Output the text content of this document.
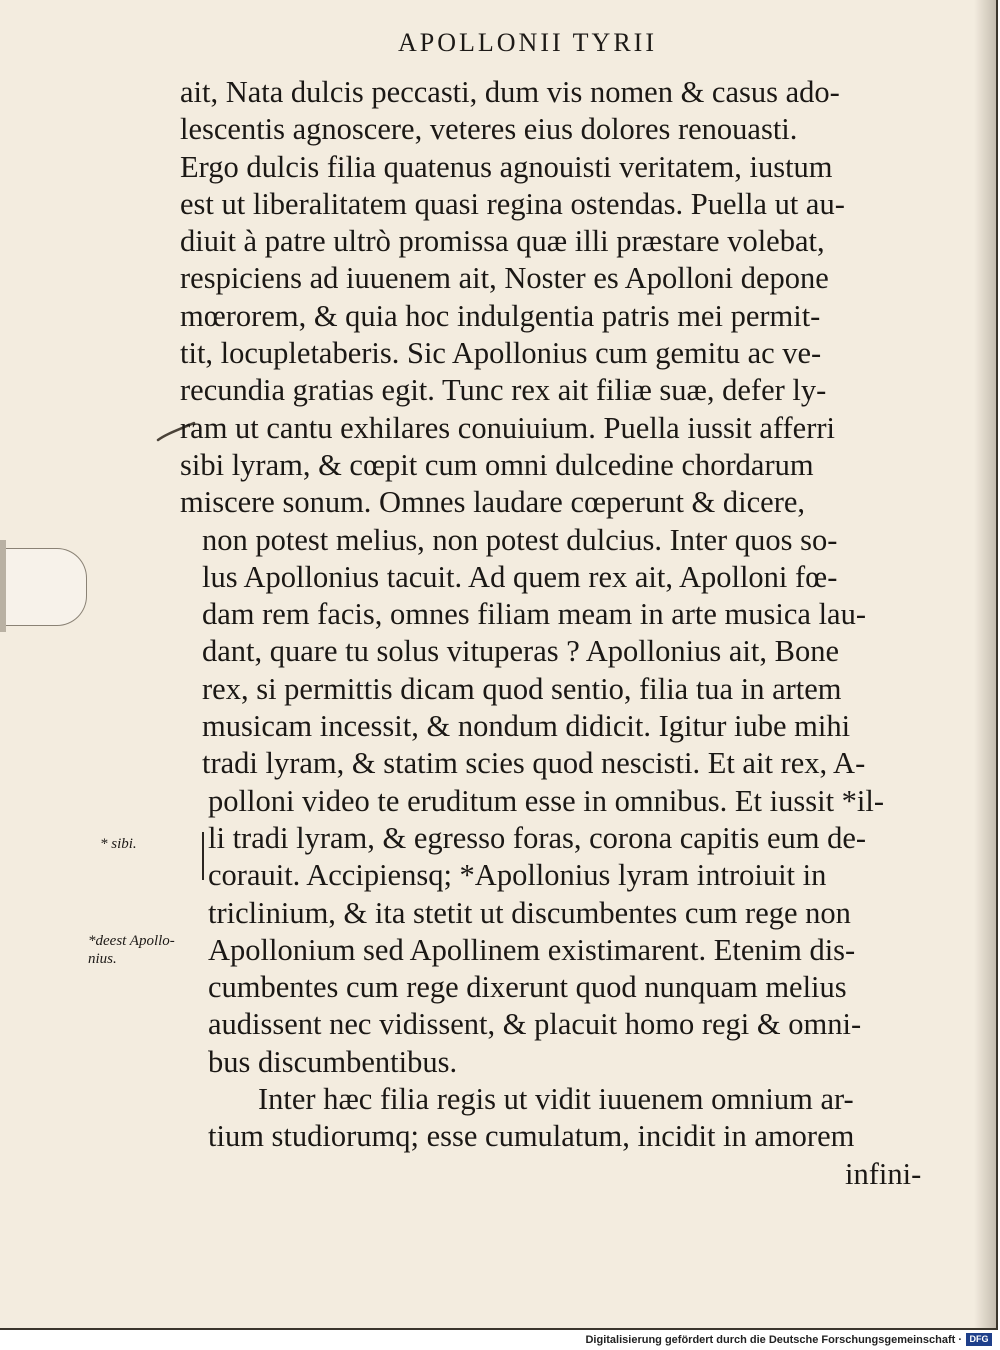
APOLLONII TYRII
* sibi.
*deest Apollo-
nius.
ait, Nata dulcis peccasti, dum vis nomen & casus ado-
lescentis agnoscere, veteres eius dolores renouasti.
Ergo dulcis filia quatenus agnouisti veritatem, iustum
est ut liberalitatem quasi regina ostendas. Puella ut au-
diuit à patre ultrò promissa quæ illi præstare volebat,
respiciens ad iuuenem ait, Noster es Apolloni depone
mœrorem, & quia hoc indulgentia patris mei permit-
tit, locupletaberis. Sic Apollonius cum gemitu ac ve-
recundia gratias egit. Tunc rex ait filiæ suæ, defer ly-
ram ut cantu exhilares conuiuium. Puella iussit afferri
sibi lyram, & cœpit cum omni dulcedine chordarum
miscere sonum. Omnes laudare cœperunt & dicere,
non potest melius, non potest dulcius. Inter quos so-
lus Apollonius tacuit. Ad quem rex ait, Apolloni fœ-
dam rem facis, omnes filiam meam in arte musica lau-
dant, quare tu solus vituperas ? Apollonius ait, Bone
rex, si permittis dicam quod sentio, filia tua in artem
musicam incessit, & nondum didicit. Igitur iube mihi
tradi lyram, & statim scies quod nescisti. Et ait rex, A-
polloni video te eruditum esse in omnibus. Et iussit *il-
li tradi lyram, & egresso foras, corona capitis eum de-
corauit. Accipiensq; *Apollonius lyram introiuit in
triclinium, & ita stetit ut discumbentes cum rege non
Apollonium sed Apollinem existimarent. Etenim dis-
cumbentes cum rege dixerunt quod nunquam melius
audissent nec vidissent, & placuit homo regi & omni-
bus discumbentibus.
Inter hæc filia regis ut vidit iuuenem omnium ar-
tium studiorumq; esse cumulatum, incidit in amorem
infini-
Digitalisierung gefördert durch die Deutsche Forschungsgemeinschaft · DFG
